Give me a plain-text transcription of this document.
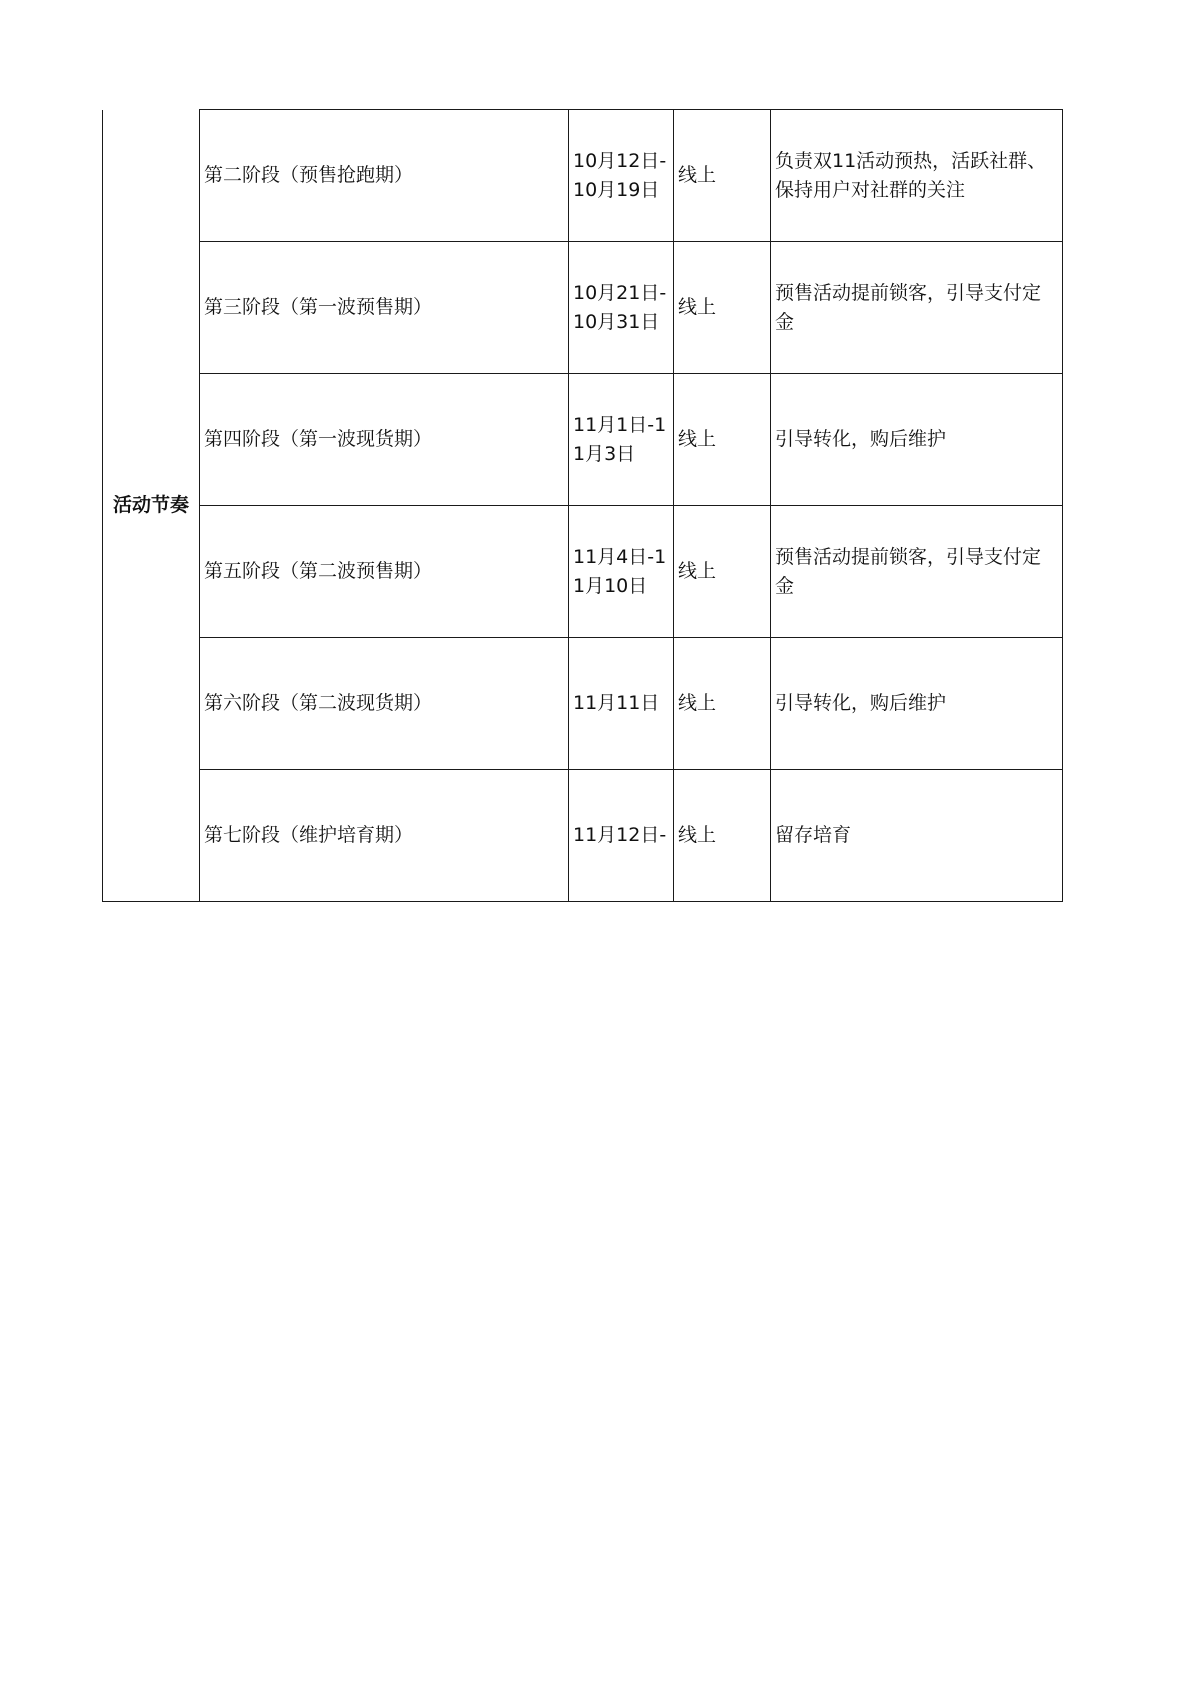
活动节奏	第二阶段（预售抢跑期）	10月12日-10月19日	线上	负责双11活动预热，活跃社群、保持用户对社群的关注
	第三阶段（第一波预售期）	10月21日-10月31日	线上	预售活动提前锁客，引导支付定金
	第四阶段（第一波现货期）	11月1日-11月3日	线上	引导转化，购后维护
	第五阶段（第二波预售期）	11月4日-11月10日	线上	预售活动提前锁客，引导支付定金
	第六阶段（第二波现货期）	11月11日	线上	引导转化，购后维护
	第七阶段（维护培育期）	11月12日-	线上	留存培育
